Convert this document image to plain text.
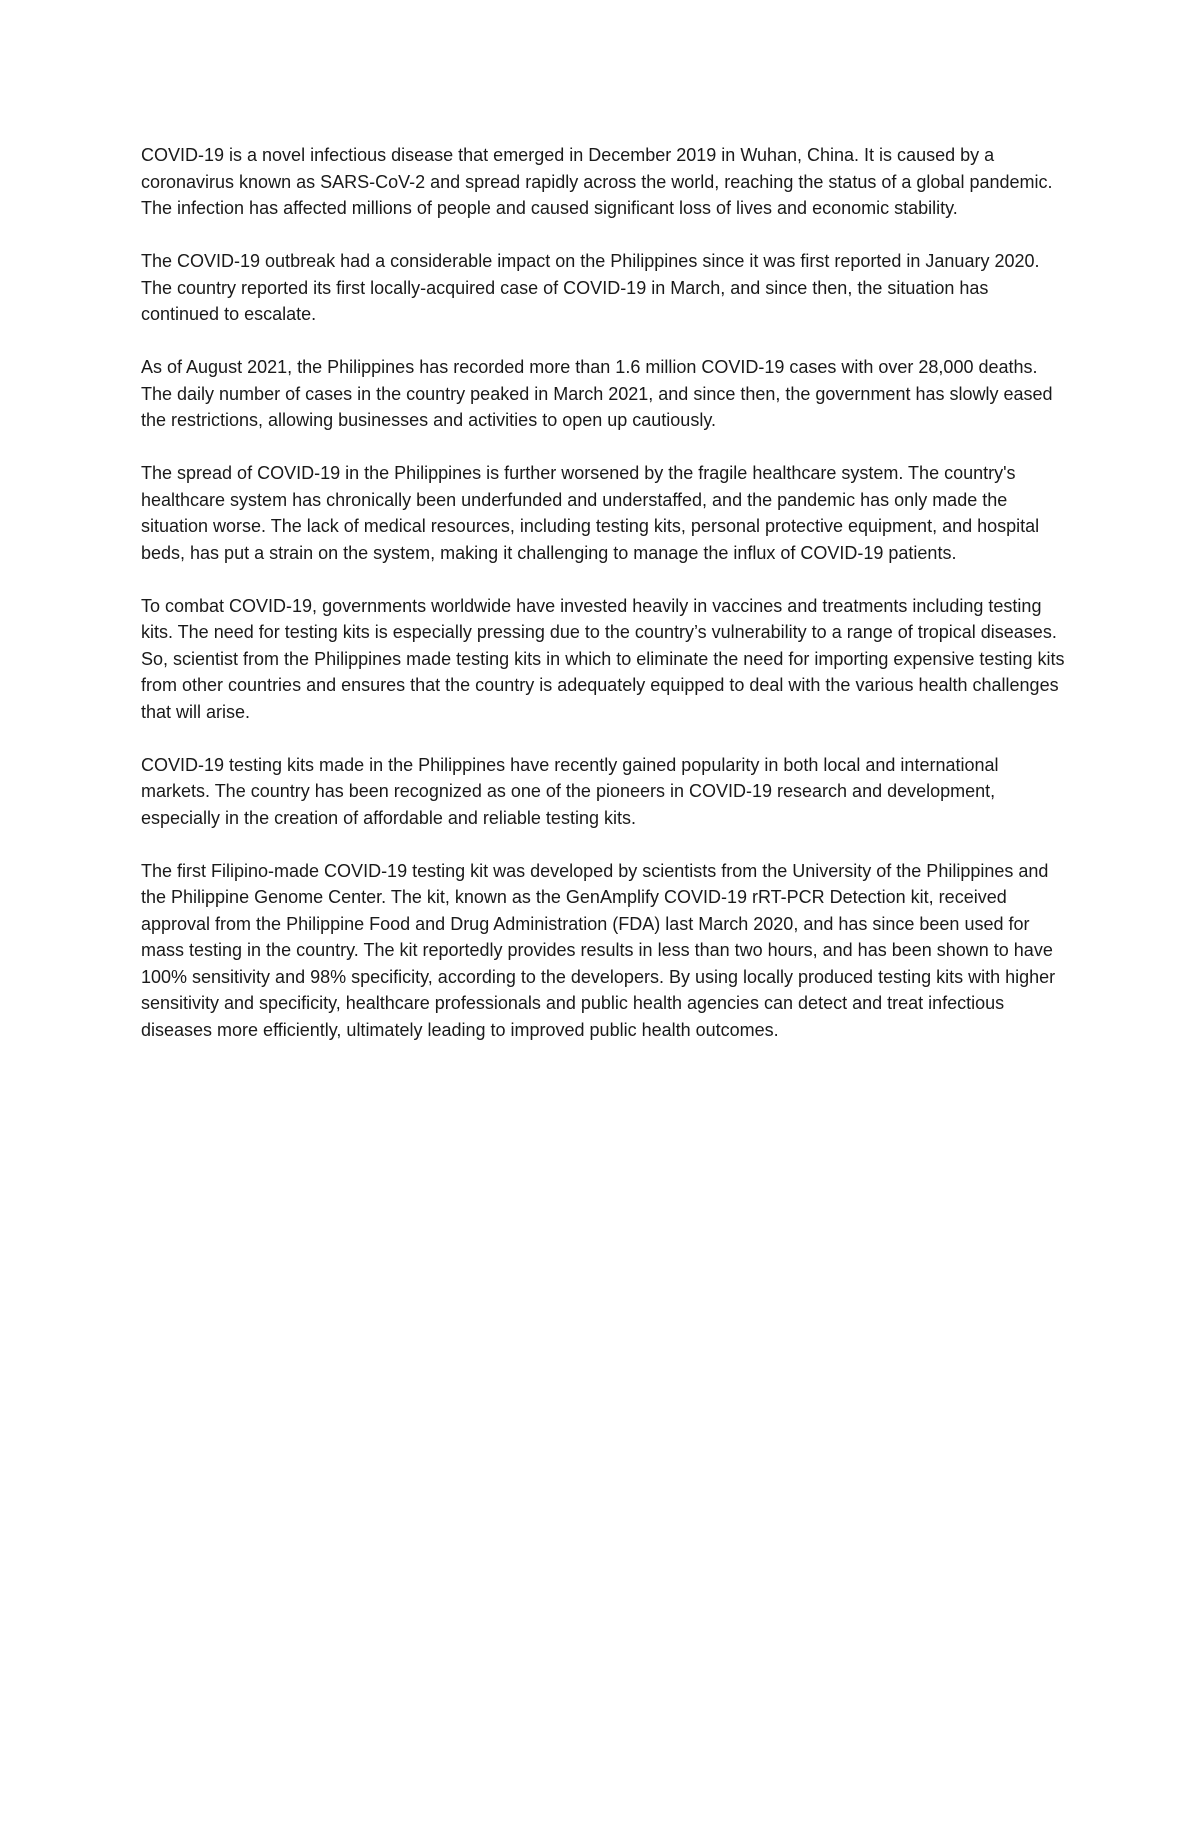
COVID-19 is a novel infectious disease that emerged in December 2019 in Wuhan, China. It is caused by a coronavirus known as SARS-CoV-2 and spread rapidly across the world, reaching the status of a global pandemic. The infection has affected millions of people and caused significant loss of lives and economic stability.

The COVID-19 outbreak had a considerable impact on the Philippines since it was first reported in January 2020. The country reported its first locally-acquired case of COVID-19 in March, and since then, the situation has continued to escalate.

As of August 2021, the Philippines has recorded more than 1.6 million COVID-19 cases with over 28,000 deaths. The daily number of cases in the country peaked in March 2021, and since then, the government has slowly eased the restrictions, allowing businesses and activities to open up cautiously.

The spread of COVID-19 in the Philippines is further worsened by the fragile healthcare system. The country's healthcare system has chronically been underfunded and understaffed, and the pandemic has only made the situation worse. The lack of medical resources, including testing kits, personal protective equipment, and hospital beds, has put a strain on the system, making it challenging to manage the influx of COVID-19 patients.

To combat COVID-19, governments worldwide have invested heavily in vaccines and treatments including testing kits. The need for testing kits is especially pressing due to the country’s vulnerability to a range of tropical diseases. So, scientist from the Philippines made testing kits in which to eliminate the need for importing expensive testing kits from other countries and ensures that the country is adequately equipped to deal with the various health challenges that will arise.

COVID-19 testing kits made in the Philippines have recently gained popularity in both local and international markets. The country has been recognized as one of the pioneers in COVID-19 research and development, especially in the creation of affordable and reliable testing kits.

The first Filipino-made COVID-19 testing kit was developed by scientists from the University of the Philippines and the Philippine Genome Center. The kit, known as the GenAmplify COVID-19 rRT-PCR Detection kit, received approval from the Philippine Food and Drug Administration (FDA) last March 2020, and has since been used for mass testing in the country. The kit reportedly provides results in less than two hours, and has been shown to have 100% sensitivity and 98% specificity, according to the developers. By using locally produced testing kits with higher sensitivity and specificity, healthcare professionals and public health agencies can detect and treat infectious diseases more efficiently, ultimately leading to improved public health outcomes.
